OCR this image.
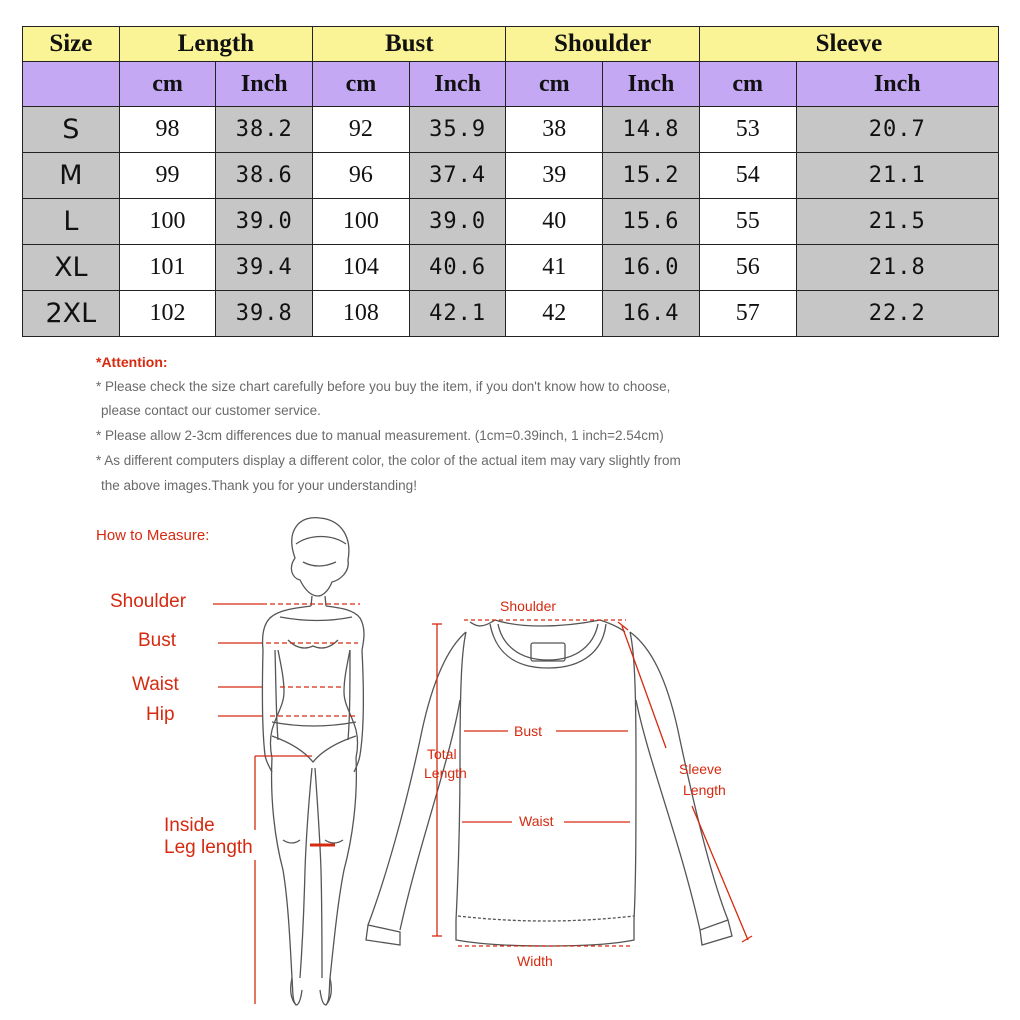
Size	Length		Bust		Shoulder		Sleeve	
	cm	Inch	cm	Inch	cm	Inch	cm	Inch
S	98	38.2	92	35.9	38	14.8	53	20.7
M	99	38.6	96	37.4	39	15.2	54	21.1
L	100	39.0	100	39.0	40	15.6	55	21.5
XL	101	39.4	104	40.6	41	16.0	56	21.8
2XL	102	39.8	108	42.1	42	16.4	57	22.2

*Attention:

* Please check the size chart carefully before you buy the item, if you don't know how to choose,

please contact our customer service.

* Please allow 2-3cm differences due to manual measurement. (1cm=0.39inch, 1 inch=2.54cm)

* As different computers display a different color, the color of the actual item may vary slightly from

the above images.Thank you for your understanding!

How to Measure:
Shoulder
Bust
Waist
Hip
Inside
Leg length
Shoulder
Bust
Total
Length
Waist
Sleeve
Length
Width
